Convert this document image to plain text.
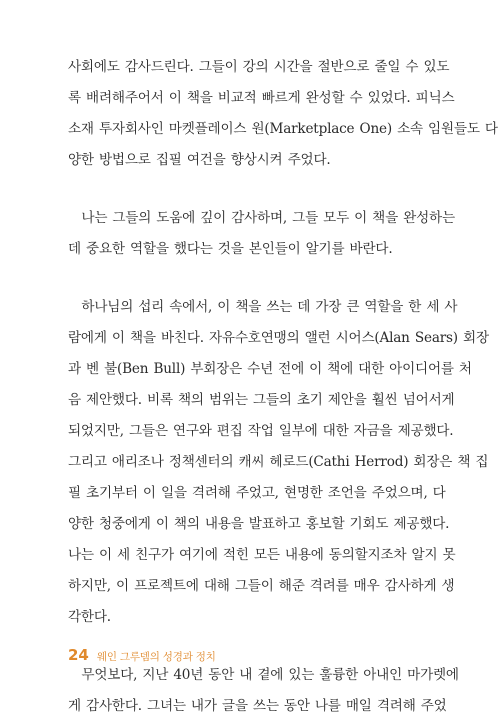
사회에도 감사드린다. 그들이 강의 시간을 절반으로 줄일 수 있도
록 배려해주어서 이 책을 비교적 빠르게 완성할 수 있었다. 피닉스
소재 투자회사인 마켓플레이스 원(Marketplace One) 소속 임원들도 다
양한 방법으로 집필 여건을 향상시켜 주었다.

　나는 그들의 도움에 깊이 감사하며, 그들 모두 이 책을 완성하는
데 중요한 역할을 했다는 것을 본인들이 알기를 바란다.

　하나님의 섭리 속에서, 이 책을 쓰는 데 가장 큰 역할을 한 세 사
람에게 이 책을 바친다. 자유수호연맹의 앨런 시어스(Alan Sears) 회장
과 벤 불(Ben Bull) 부회장은 수년 전에 이 책에 대한 아이디어를 처
음 제안했다. 비록 책의 범위는 그들의 초기 제안을 훨씬 넘어서게
되었지만, 그들은 연구와 편집 작업 일부에 대한 자금을 제공했다.
그리고 애리조나 정책센터의 캐씨 헤로드(Cathi Herrod) 회장은 책 집
필 초기부터 이 일을 격려해 주었고, 현명한 조언을 주었으며, 다
양한 청중에게 이 책의 내용을 발표하고 홍보할 기회도 제공했다.
나는 이 세 친구가 여기에 적힌 모든 내용에 동의할지조차 알지 못
하지만, 이 프로젝트에 대해 그들이 해준 격려를 매우 감사하게 생
각한다.

　무엇보다, 지난 40년 동안 내 곁에 있는 훌륭한 아내인 마가렛에
게 감사한다. 그녀는 내가 글을 쓰는 동안 나를 매일 격려해 주었

24 웨인 그루뎀의 성경과 정치
